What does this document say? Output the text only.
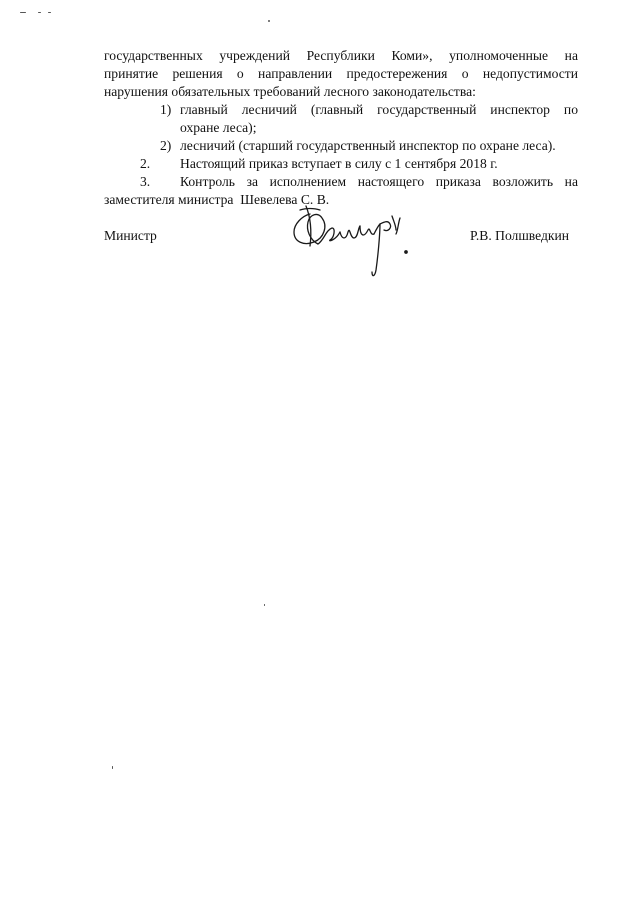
государственных учреждений Республики Коми», уполномоченные на
принятие решения о направлении предостережения о недопустимости
нарушения обязательных требований лесного законодательства:
1) главный лесничий (главный государственный инспектор по
охране леса);
2) лесничий (старший государственный инспектор по охране леса).
2. Настоящий приказ вступает в силу с 1 сентября 2018 г.
3. Контроль за исполнением настоящего приказа возложить на
заместителя министра  Шевелева С. В.
Министр	Р.В. Полшведкин
